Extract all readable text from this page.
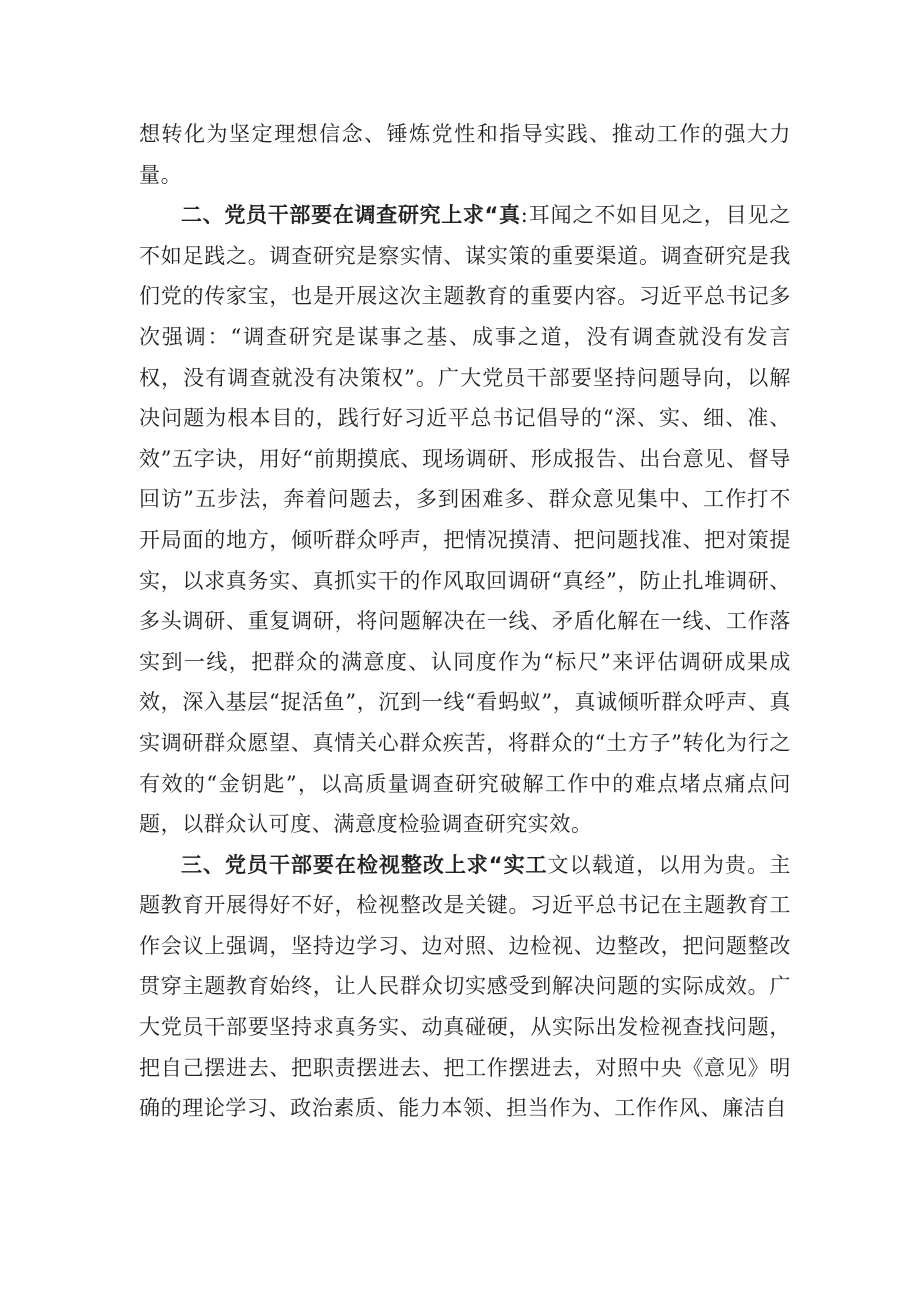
想转化为坚定理想信念、锤炼党性和指导实践、推动工作的强大力量。

二、党员干部要在调查研究上求“真:耳闻之不如目见之，目见之不如足践之。调查研究是察实情、谋实策的重要渠道。调查研究是我们党的传家宝，也是开展这次主题教育的重要内容。习近平总书记多次强调：“调查研究是谋事之基、成事之道，没有调查就没有发言权，没有调查就没有决策权”。广大党员干部要坚持问题导向，以解决问题为根本目的，践行好习近平总书记倡导的“深、实、细、准、效”五字诀，用好“前期摸底、现场调研、形成报告、出台意见、督导回访”五步法，奔着问题去，多到困难多、群众意见集中、工作打不开局面的地方，倾听群众呼声，把情况摸清、把问题找准、把对策提实，以求真务实、真抓实干的作风取回调研“真经”，防止扎堆调研、多头调研、重复调研，将问题解决在一线、矛盾化解在一线、工作落实到一线，把群众的满意度、认同度作为“标尺”来评估调研成果成效，深入基层“捉活鱼”，沉到一线“看蚂蚁”，真诚倾听群众呼声、真实调研群众愿望、真情关心群众疾苦，将群众的“土方子”转化为行之有效的“金钥匙”，以高质量调查研究破解工作中的难点堵点痛点问题，以群众认可度、满意度检验调查研究实效。

三、党员干部要在检视整改上求“实工文以载道，以用为贵。主题教育开展得好不好，检视整改是关键。习近平总书记在主题教育工作会议上强调，坚持边学习、边对照、边检视、边整改，把问题整改贯穿主题教育始终，让人民群众切实感受到解决问题的实际成效。广大党员干部要坚持求真务实、动真碰硬，从实际出发检视查找问题，把自己摆进去、把职责摆进去、把工作摆进去，对照中央《意见》明确的理论学习、政治素质、能力本领、担当作为、工作作风、廉洁自
